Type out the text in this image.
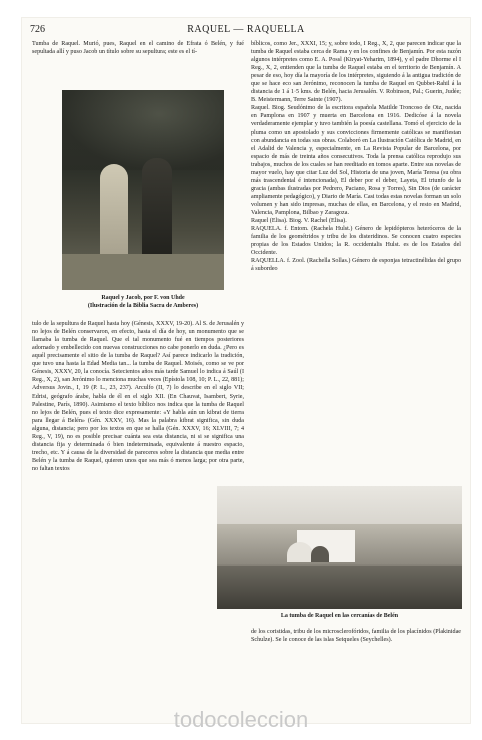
726	RAQUEL — RAQUELLA

Tumba de Raquel. Murió, pues, Raquel en el camino de Efrata ó Belén, y fué sepultada allí y puso Jacob un título sobre su sepultura; este es el tí-

Raquel y Jacob, por F. von Uhde
(Ilustración de la Biblia Sacra de Amberes)

tulo de la sepultura de Raquel hasta hoy (Génesis, XXXV, 19-20). Al S. de Jerusalén y no lejos de Belén conservaron, en efecto, hasta el día de hoy, un monumento que se llamaba la tumba de Raquel. Que el tal monumento fué en tiempos posteriores adornado y embellecido con nuevas construcciones no cabe ponerlo en duda. ¿Pero es aquél precisamente el sitio de la tumba de Raquel? Así parece indicarlo la tradición, que tuvo una hasta la Edad Media tan... la tumba de Raquel. Moisés, como se ve por Génesis, XXXV, 20, la conocía. Setecientos años más tarde Samuel lo indica á Saúl (I Reg., X, 2), san Jerónimo lo menciona muchas veces (Epístola 108, 10; P. L., 22, 881); Adversus Jovin., I, 19 (P. L., 23, 237). Arculfo (II, 7) lo describe en el siglo VII; Edrisi, geógrafo árabe, habla de él en el siglo XII. (En Chauvat, Isambert, Syrie, Palestine, París, 1890). Asimismo el texto bíblico nos indica que la tumba de Raquel no lejos de Belén, pues el texto dice expresamente: «Y habla aún un kibrat de tierra para llegar á Belén» (Gén. XXXV, 16). Mas la palabra kibrat significa, sin duda alguna, distancia; pero por los textos en que se halla (Gén. XXXV, 16; XLVIII, 7; 4 Reg., V, 19), no es posible precisar cuánta sea esta distancia, ni si se significa una distancia fija y determinada ó bien indeterminada, equivalente á nuestro espacio, trecho, etc. Y á causa de la diversidad de pareceres sobre la distancia que media entre Belén y la tumba de Raquel, quieren unos que sea más ó menos larga; por otra parte, no faltan textos

bíblicos, como Jer., XXXI, 15; y, sobre todo, I Reg., X, 2, que parecen indicar que la tumba de Raquel estaba cerca de Rama y en los confines de Benjamín. Por esta razón algunos intérpretes como E. A. Possl (Kiryat-Yeharim, 1894), y el padre Dhorme el I Reg., X, 2, entienden que la tumba de Raquel estaba en el territorio de Benjamín. A pesar de eso, hoy día la mayoría de los intérpretes, siguiendo á la antigua tradición de que se hace eco san Jerónimo, reconocen la tumba de Raquel en Qubbet-Rahil á la distancia de 1 á 1·5 kms. de Belén, hacia Jerusalén. V. Robinson, Pal.; Guerin, Judée; B. Meistermann, Terre Sainte (1907).

Raquel. Biog. Seudónimo de la escritora española Matilde Troncoso de Oiz, nacida en Pamplona en 1907 y muerta en Barcelona en 1916. Dedicóse á la novela verdaderamente ejemplar y tuvo también la poesía castellana. Tomó el ejercicio de la pluma como un apostolado y sus convicciones firmemente católicas se manifiestan con abundancia en todas sus obras. Colaboró en La Ilustración Católica de Madrid, en el Adalid de Valencia y, especialmente, en La Revista Popular de Barcelona, por espacio de más de treinta años consecutivos. Toda la prensa católica reprodujo sus trabajos, muchos de los cuales se han reeditado en tomos aparte. Entre sus novelas de mayor vuelo, hay que citar Luz del Sol, Historia de una joven, María Teresa (su obra más trascendental é intencionada), El deber por el deber, Layeta, El triunfo de la gracia (ambas ilustradas por Pedrero, Paciano, Rosa y Torres), Sin Dios (de carácter ampliamente pedagógico), y Diario de María. Casi todas estas novelas forman un solo volumen y han sido impresas, muchas de ellas, en Barcelona, y el resto en Madrid, Valencia, Pamplona, Bilbao y Zaragoza.

Raquel (Elisa). Biog. V. Rachel (Elisa).

RAQUELA. f. Entom. (Rachela Hulst.) Género de lepidópteros heteróceros de la familia de los geométridos y tribu de los disteridinos. Se conocen cuatro especies propias de los Estados Unidos; la R. occidentalis Hulst. es de los Estados del Occidente.

RAQUELLA. f. Zool. (Rachella Sollas.) Género de esponjas tetractinélidas del grupo á subordeo

La tumba de Raquel en las cercanías de Belén
de los coristidas, tribu de los microsclerofóridos, familia de los placínidos (Plakinidae Schulze). Se le conoce de las islas Seiqueles (Seychelles).
todocoleccion
